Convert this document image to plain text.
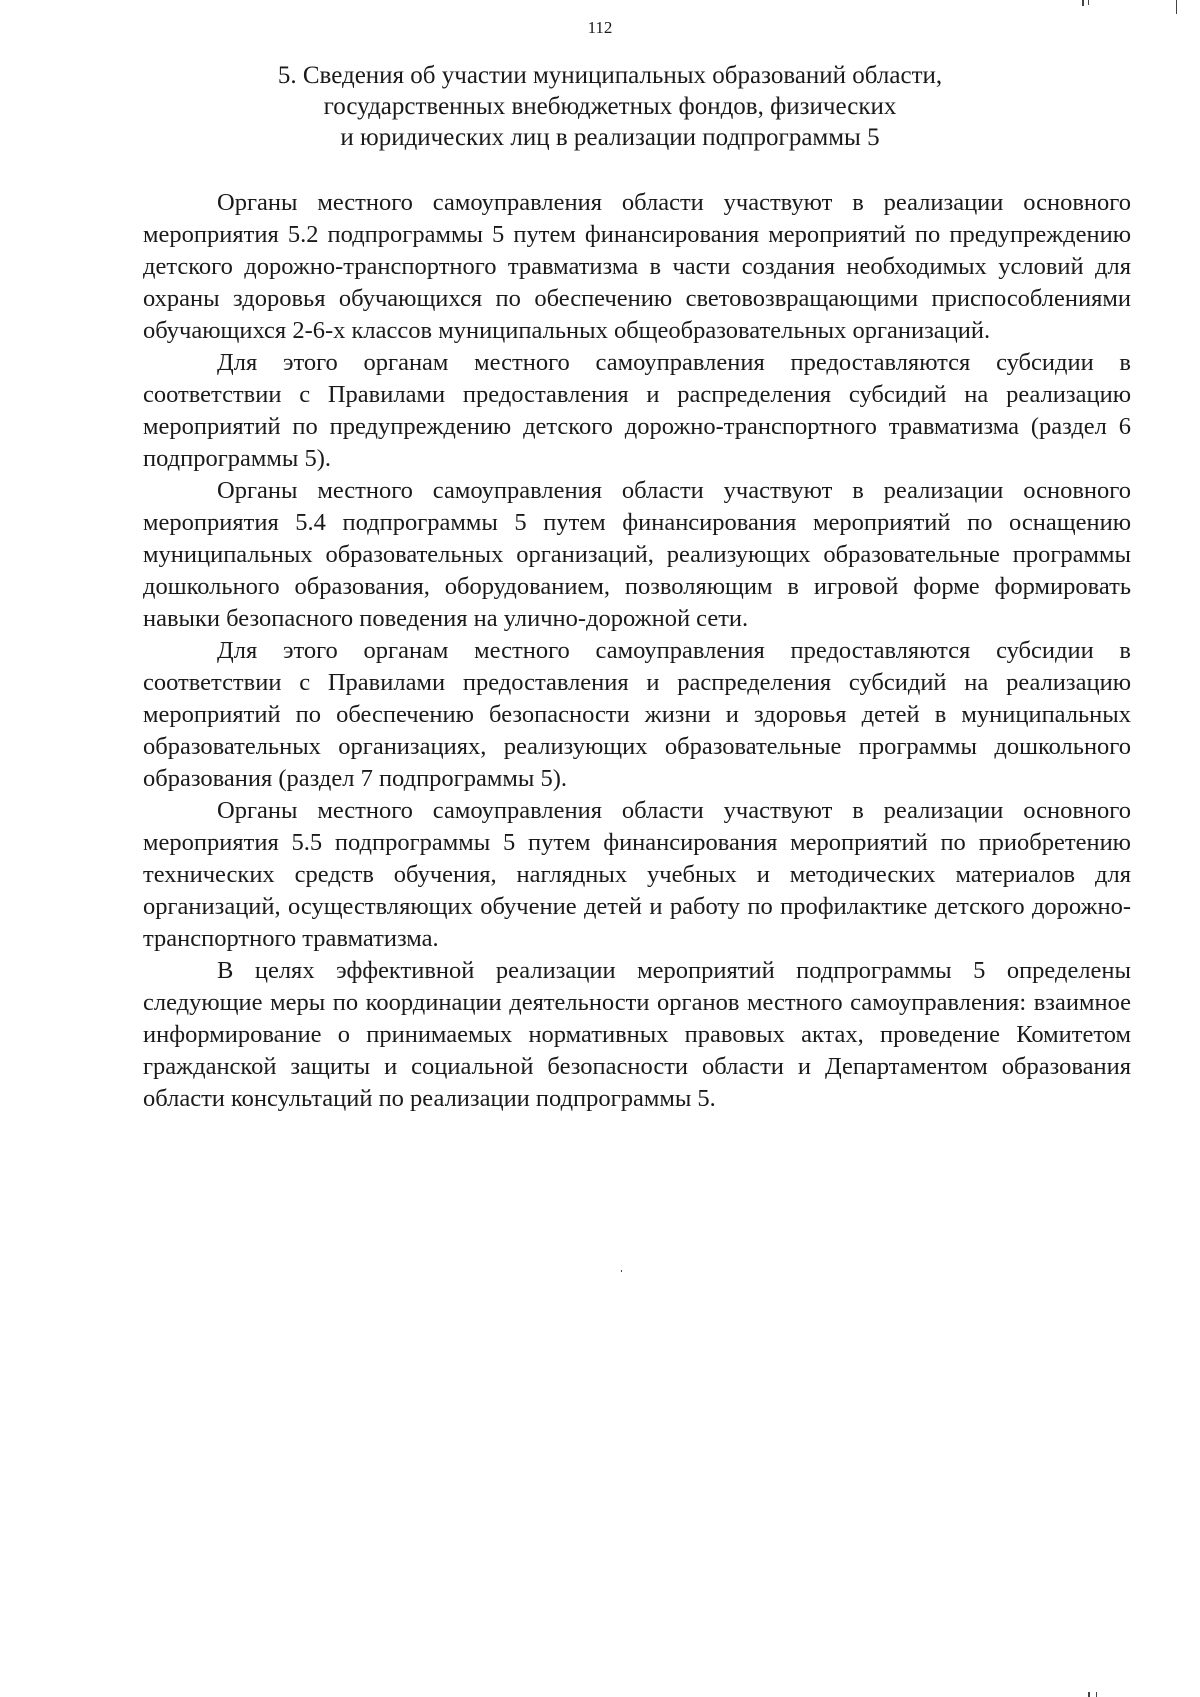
112
5. Сведения об участии муниципальных образований области,
государственных внебюджетных фондов, физических
и юридических лиц в реализации подпрограммы 5

Органы местного самоуправления области участвуют в реализации основного мероприятия 5.2 подпрограммы 5 путем финансирования мероприятий по предупреждению детского дорожно-транспортного травматизма в части создания необходимых условий для охраны здоровья обучающихся по обеспечению световозвращающими приспособлениями обучающихся 2-6-х классов муниципальных общеобразовательных организаций.

Для этого органам местного самоуправления предоставляются субсидии в соответствии с Правилами предоставления и распределения субсидий на реализацию мероприятий по предупреждению детского дорожно-транспортного травматизма (раздел 6 подпрограммы 5).

Органы местного самоуправления области участвуют в реализации основного мероприятия 5.4 подпрограммы 5 путем финансирования мероприятий по оснащению муниципальных образовательных организаций, реализующих образовательные программы дошкольного образования, оборудованием, позволяющим в игровой форме формировать навыки безопасного поведения на улично-дорожной сети.

Для этого органам местного самоуправления предоставляются субсидии в соответствии с Правилами предоставления и распределения субсидий на реализацию мероприятий по обеспечению безопасности жизни и здоровья детей в муниципальных образовательных организациях, реализующих образовательные программы дошкольного образования (раздел 7 подпрограммы 5).

Органы местного самоуправления области участвуют в реализации основного мероприятия 5.5 подпрограммы 5 путем финансирования мероприятий по приобретению технических средств обучения, наглядных учебных и методических материалов для организаций, осуществляющих обучение детей и работу по профилактике детского дорожно-транспортного травматизма.

В целях эффективной реализации мероприятий подпрограммы 5 определены следующие меры по координации деятельности органов местного самоуправления: взаимное информирование о принимаемых нормативных правовых актах, проведение Комитетом гражданской защиты и социальной безопасности области и Департаментом образования области консультаций по реализации подпрограммы 5.
